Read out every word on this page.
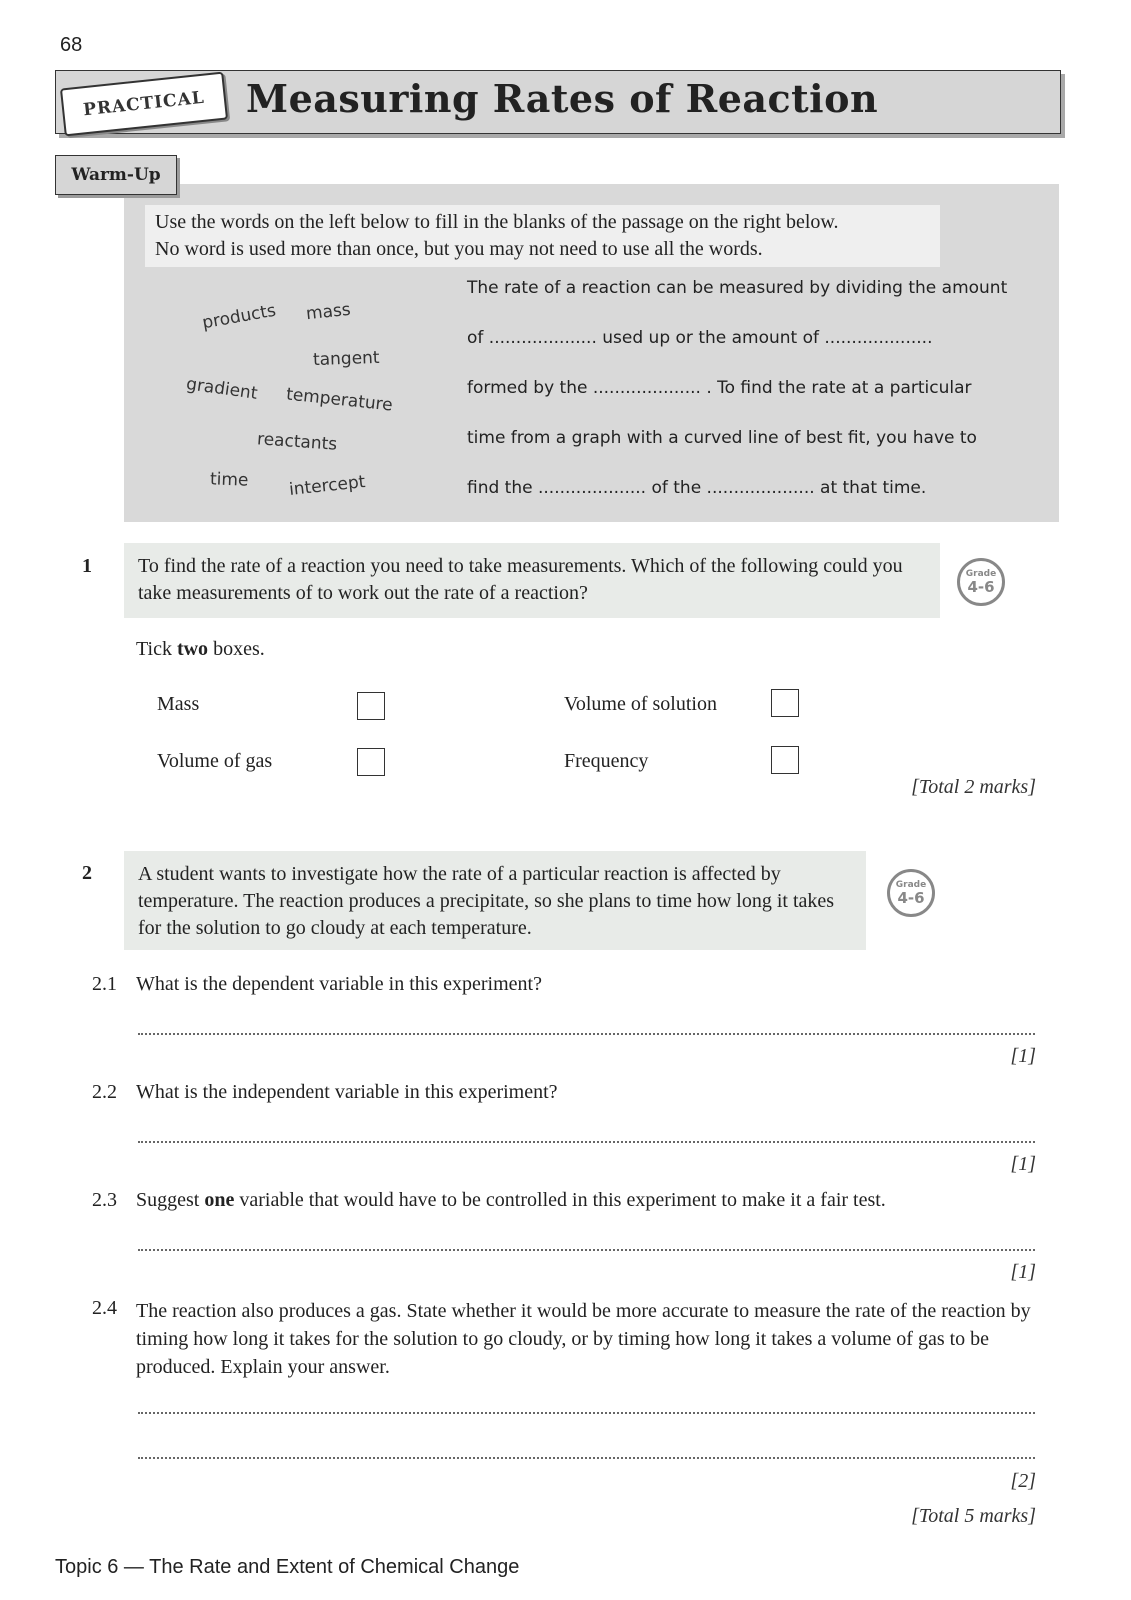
68
PRACTICAL	Measuring Rates of Reaction
Warm-Up
Use the words on the left below to fill in the blanks of the passage on the right below.
No word is used more than once, but you may not need to use all the words.
products mass
tangent
gradient temperature
reactants
time intercept
The rate of a reaction can be measured by dividing the amount
of .................... used up or the amount of ....................
formed by the .................... . To find the rate at a particular
time from a graph with a curved line of best fit, you have to
find the .................... of the .................... at that time.
1	To find the rate of a reaction you need to take measurements. Which of the following could you take measurements of to work out the rate of a reaction?
Grade
4-6
Tick two boxes.
Mass	Volume of solution
Volume of gas	Frequency
[Total 2 marks]
2	A student wants to investigate how the rate of a particular reaction is affected by temperature. The reaction produces a precipitate, so she plans to time how long it takes for the solution to go cloudy at each temperature.
Grade
4-6
2.1 What is the dependent variable in this experiment?
[1]
2.2 What is the independent variable in this experiment?
[1]
2.3 Suggest one variable that would have to be controlled in this experiment to make it a fair test.
[1]
2.4 The reaction also produces a gas. State whether it would be more accurate to measure the rate of the reaction by timing how long it takes for the solution to go cloudy, or by timing how long it takes a volume of gas to be produced. Explain your answer.
[2]
[Total 5 marks]
Topic 6 — The Rate and Extent of Chemical Change
